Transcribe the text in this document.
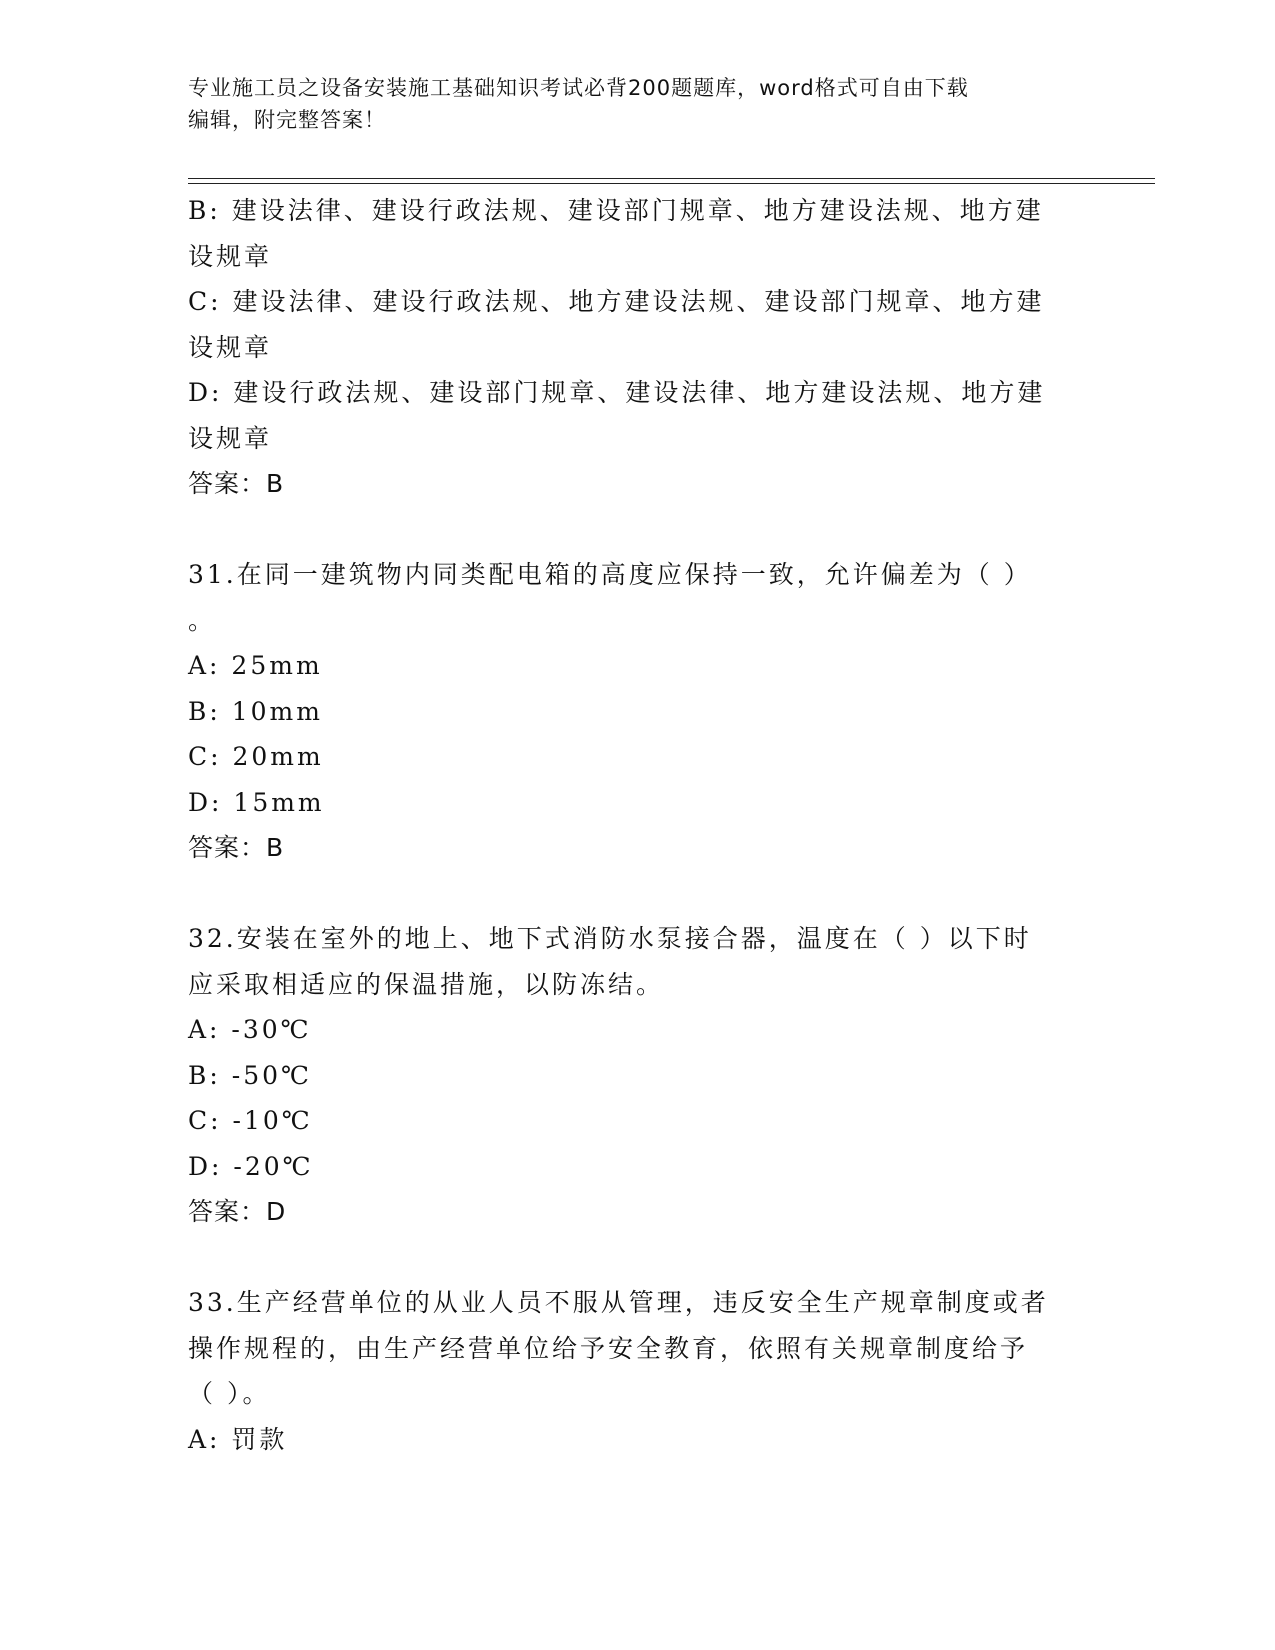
专业施工员之设备安装施工基础知识考试必背200题题库，word格式可自由下载
编辑，附完整答案！
B: 建设法律、建设行政法规、建设部门规章、地方建设法规、地方建
设规章
C: 建设法律、建设行政法规、地方建设法规、建设部门规章、地方建
设规章
D: 建设行政法规、建设部门规章、建设法律、地方建设法规、地方建
设规章
答案：B
31.在同一建筑物内同类配电箱的高度应保持一致，允许偏差为（ ）
。
A: 25mm
B: 10mm
C: 20mm
D: 15mm
答案：B
32.安装在室外的地上、地下式消防水泵接合器，温度在（ ）以下时
应采取相适应的保温措施，以防冻结。
A: -30℃
B: -50℃
C: -10℃
D: -20℃
答案：D
33.生产经营单位的从业人员不服从管理，违反安全生产规章制度或者
操作规程的，由生产经营单位给予安全教育，依照有关规章制度给予
（ ）。
A: 罚款
